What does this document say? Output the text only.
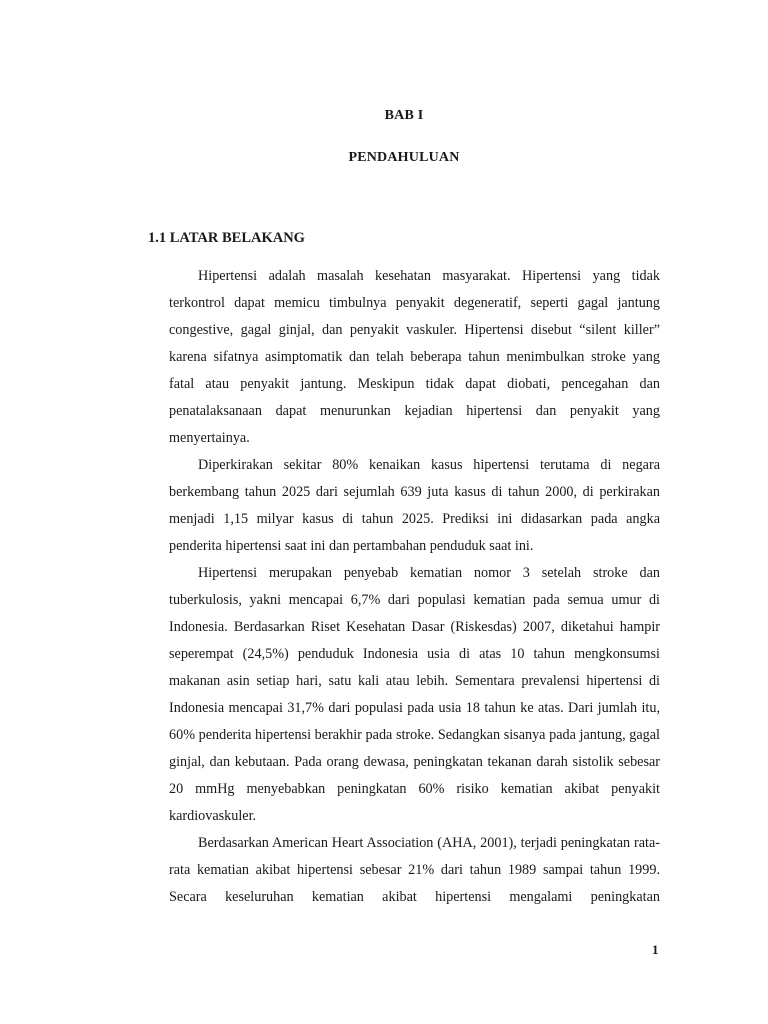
BAB I
PENDAHULUAN
1.1 LATAR BELAKANG

Hipertensi adalah masalah kesehatan masyarakat. Hipertensi yang tidak terkontrol dapat memicu timbulnya penyakit degeneratif, seperti gagal jantung congestive, gagal ginjal, dan penyakit vaskuler. Hipertensi disebut “silent killer” karena sifatnya asimptomatik dan telah beberapa tahun menimbulkan stroke yang fatal atau penyakit jantung. Meskipun tidak dapat diobati, pencegahan dan penatalaksanaan dapat menurunkan kejadian hipertensi dan penyakit yang menyertainya.

Diperkirakan sekitar 80% kenaikan kasus hipertensi terutama di negara berkembang tahun 2025 dari sejumlah 639 juta kasus di tahun 2000, di perkirakan menjadi 1,15 milyar kasus di tahun 2025. Prediksi ini didasarkan pada angka penderita hipertensi saat ini dan pertambahan penduduk saat ini.

Hipertensi merupakan penyebab kematian nomor 3 setelah stroke dan tuberkulosis, yakni mencapai 6,7% dari populasi kematian pada semua umur di Indonesia. Berdasarkan Riset Kesehatan Dasar (Riskesdas) 2007, diketahui hampir seperempat (24,5%) penduduk Indonesia usia di atas 10 tahun mengkonsumsi makanan asin setiap hari, satu kali atau lebih. Sementara prevalensi hipertensi di Indonesia mencapai 31,7% dari populasi pada usia 18 tahun ke atas. Dari jumlah itu, 60% penderita hipertensi berakhir pada stroke. Sedangkan sisanya pada jantung, gagal ginjal, dan kebutaan. Pada orang dewasa, peningkatan tekanan darah sistolik sebesar 20 mmHg menyebabkan peningkatan 60% risiko kematian akibat penyakit kardiovaskuler.

Berdasarkan American Heart Association (AHA, 2001), terjadi peningkatan rata-rata kematian akibat hipertensi sebesar 21% dari tahun 1989 sampai tahun 1999. Secara keseluruhan kematian akibat hipertensi mengalami peningkatan

1
